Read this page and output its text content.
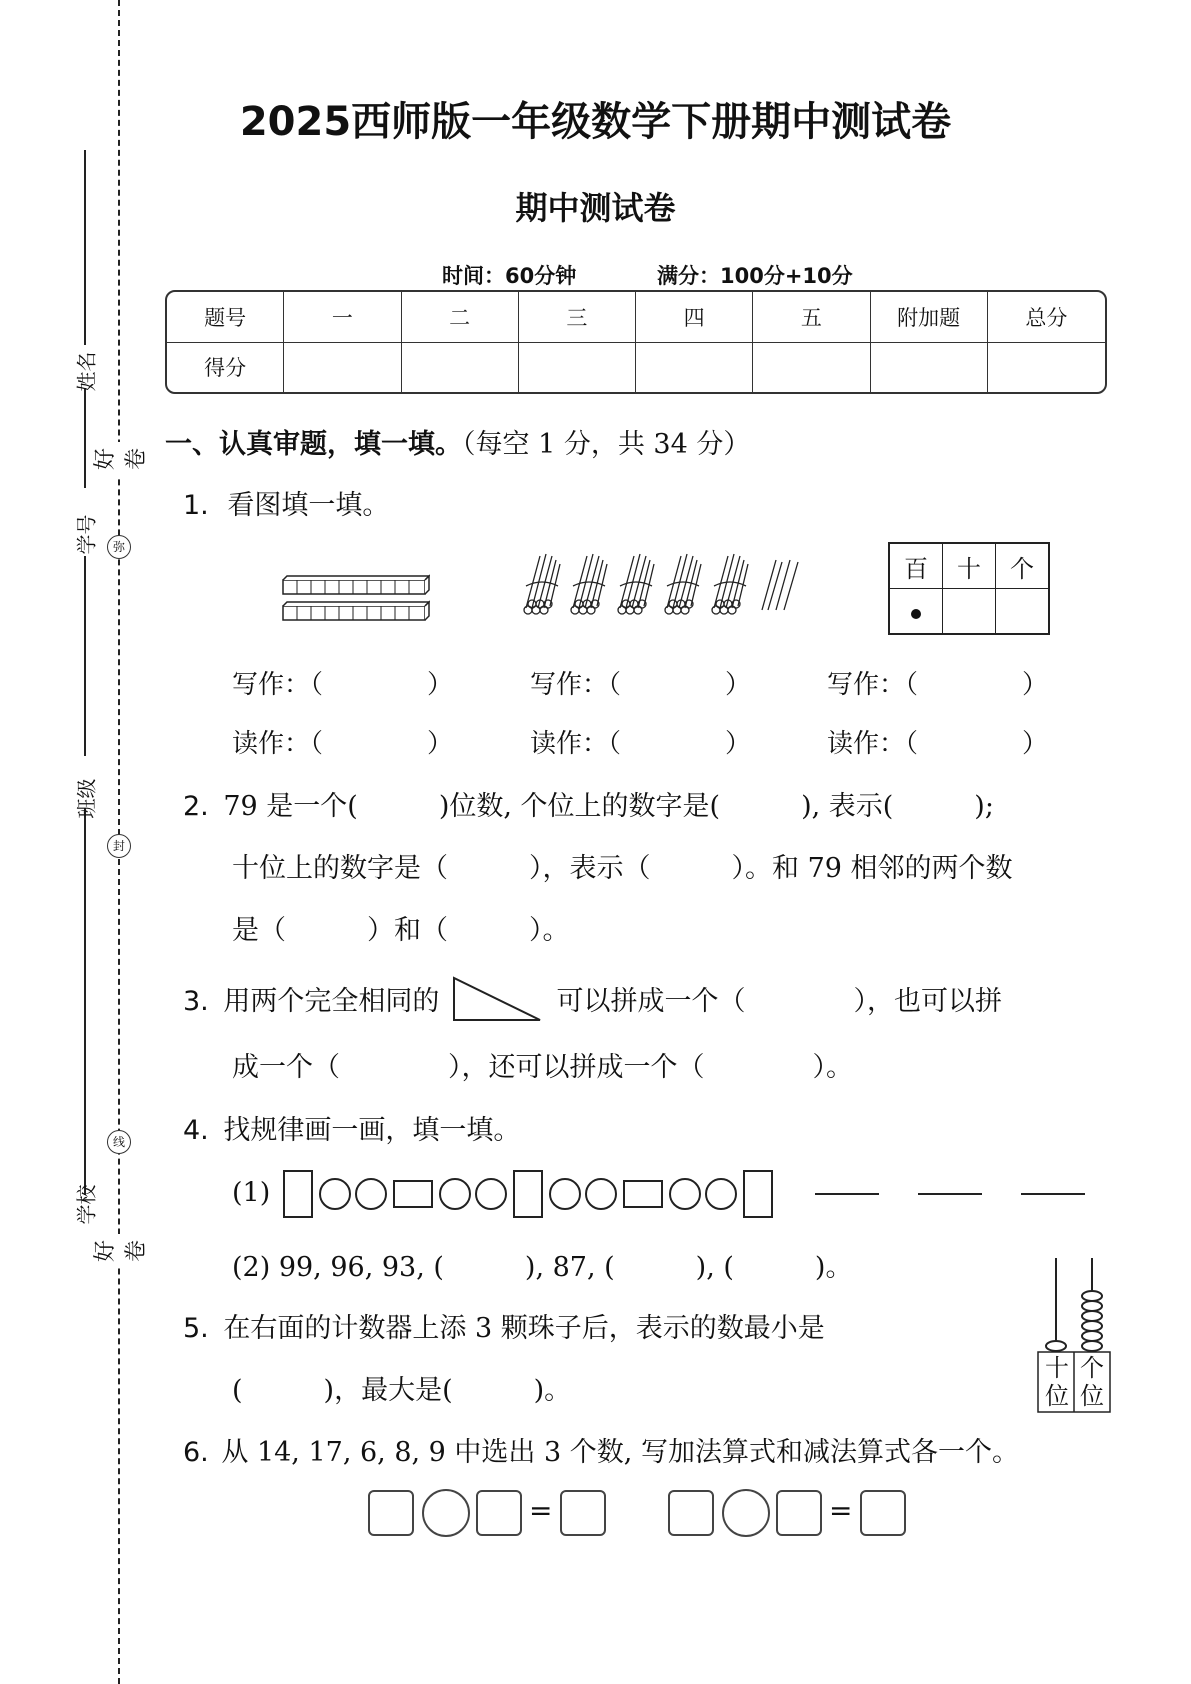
姓名
学号
班级
学校
好卷
弥
封
线
好卷
2025西师版一年级数学下册期中测试卷
期中测试卷
时间：60分钟	满分：100分+10分
题号	一	二	三	四	五	附加题	总分
得分							
一、认真审题，填一填。（每空 1 分，共 34 分）
1. 看图填一填。
百	十	个

写作：（　　　　）	写作：（　　　　）	写作：（　　　　）
读作：（　　　　）	读作：（　　　　）	读作：（　　　　）
2. 79 是一个(　　　)位数, 个位上的数字是(　　　), 表示(　　　);
十位上的数字是（　　　），表示（　　　）。和 79 相邻的两个数
是（　　　）和（　　　）。
3. 用两个完全相同的	可以拼成一个（　　　　），也可以拼
成一个（　　　　），还可以拼成一个（　　　　）。
4. 找规律画一画，填一填。
(1)
(2) 99, 96, 93, (　　　), 87, (　　　), (　　　)。
5. 在右面的计数器上添 3 颗珠子后，表示的数最小是
(　　　)，最大是(　　　)。
十位
个位
6. 从 14, 17, 6, 8, 9 中选出 3 个数, 写加法算式和减法算式各一个。
=	=
